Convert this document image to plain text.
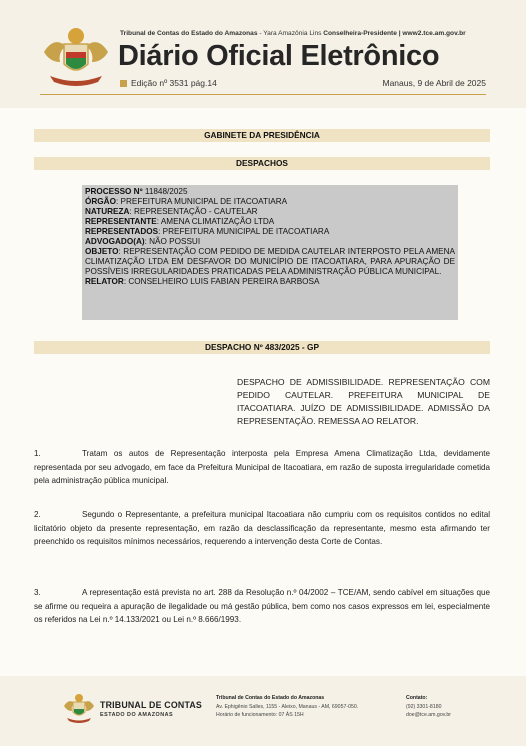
Tribunal de Contas do Estado do Amazonas - Yara Amazônia Lins Conselheira-Presidente | www2.tce.am.gov.br
Diário Oficial Eletrônico
Edição nº 3531 pág.14	Manaus, 9 de Abril de 2025
GABINETE DA PRESIDÊNCIA
DESPACHOS
PROCESSO Nº 11848/2025
ÓRGÃO: PREFEITURA MUNICIPAL DE ITACOATIARA
NATUREZA: REPRESENTAÇÃO - CAUTELAR
REPRESENTANTE: AMENA CLIMATIZAÇÃO LTDA
REPRESENTADOS: PREFEITURA MUNICIPAL DE ITACOATIARA
ADVOGADO(A): NÃO POSSUI
OBJETO: REPRESENTAÇÃO COM PEDIDO DE MEDIDA CAUTELAR INTERPOSTO PELA AMENA CLIMATIZAÇÃO LTDA EM DESFAVOR DO MUNICÍPIO DE ITACOATIARA, PARA APURAÇÃO DE POSSÍVEIS IRREGULARIDADES PRATICADAS PELA ADMINISTRAÇÃO PÚBLICA MUNICIPAL.
RELATOR: CONSELHEIRO LUIS FABIAN PEREIRA BARBOSA
DESPACHO Nº 483/2025 - GP
DESPACHO DE ADMISSIBILIDADE. REPRESENTAÇÃO COM PEDIDO CAUTELAR. PREFEITURA MUNICIPAL DE ITACOATIARA. JUÍZO DE ADMISSIBILIDADE. ADMISSÃO DA REPRESENTAÇÃO. REMESSA AO RELATOR.
1.	Tratam os autos de Representação interposta pela Empresa Amena Climatização Ltda, devidamente representada por seu advogado, em face da Prefeitura Municipal de Itacoatiara, em razão de suposta irregularidade cometida pela administração pública municipal.
2.	Segundo o Representante, a prefeitura municipal Itacoatiara não cumpriu com os requisitos contidos no edital licitatório objeto da presente representação, em razão da desclassificação da representante, mesmo esta afirmando ter preenchido os requisitos mínimos necessários, requerendo a intervenção desta Corte de Contas.
3.	A representação está prevista no art. 288 da Resolução n.º 04/2002 – TCE/AM, sendo cabível em situações que se afirme ou requeira a apuração de ilegalidade ou má gestão pública, bem como nos casos expressos em lei, especialmente os referidos na Lei n.º 14.133/2021 ou Lei n.º 8.666/1993.
TRIBUNAL DE CONTAS
ESTADO DO AMAZONAS
Tribunal de Contas do Estado do Amazonas
Av. Ephigênio Salles, 1155 - Aleixo, Manaus - AM, 69057-050.
Horário de funcionamento: 07 ÀS 15H
Contato:
(92) 3301-8180
doe@tce.am.gov.br
